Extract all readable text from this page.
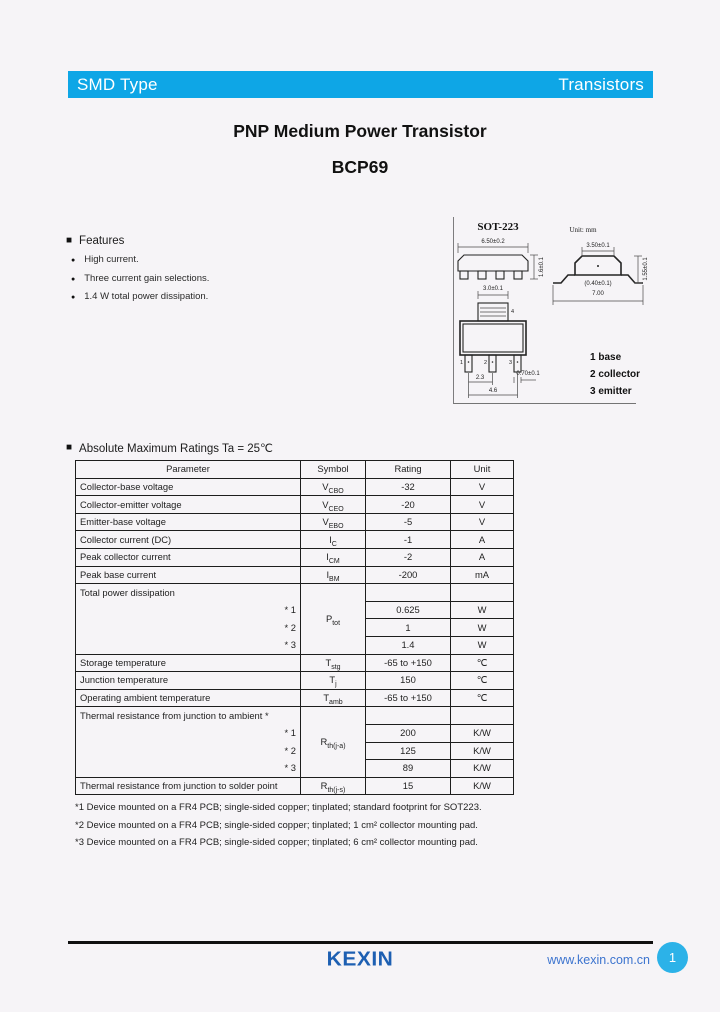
SMD Type	Transistors
PNP Medium Power Transistor
BCP69
■ Features
● High current.
● Three current gain selections.
● 1.4 W total power dissipation.
SOT-223	Unit: mm
6.50±0.2
1.6±0.1
3.50±0.1
(0.40±0.1)
7.00
1.55±0.1
3.0±0.1
4
1	2	3
2.3
4.6
0.70±0.1
1 base
2 collector
3 emitter
■ Absolute Maximum Ratings Ta = 25℃
Parameter	Symbol	Rating	Unit
Collector-base voltage	$V_{CBO}$	-32	V
Collector-emitter voltage	$V_{CEO}$	-20	V
Emitter-base voltage	$V_{EBO}$	-5	V
Collector current (DC)	$I_C$	-1	A
Peak collector current	$I_{CM}$	-2	A
Peak base current	$I_{BM}$	-200	mA
Total power dissipation	$P_{tot}$		
* 1		0.625	W
* 2		1	W
* 3		1.4	W
Storage temperature	$T_{stg}$	-65 to +150	℃
Junction temperature	$T_j$	150	℃
Operating ambient temperature	$T_{amb}$	-65 to +150	℃
Thermal resistance from junction to ambient *	$R_{th(j-a)}$		
* 1		200	K/W
* 2		125	K/W
* 3		89	K/W
Thermal resistance from junction to solder point	$R_{th(j-s)}$	15	K/W
*1 Device mounted on a FR4 PCB; single-sided copper; tinplated; standard footprint for SOT223.
*2 Device mounted on a FR4 PCB; single-sided copper; tinplated; 1 cm² collector mounting pad.
*3 Device mounted on a FR4 PCB; single-sided copper; tinplated; 6 cm² collector mounting pad.
KEXIN	www.kexin.com.cn 1
